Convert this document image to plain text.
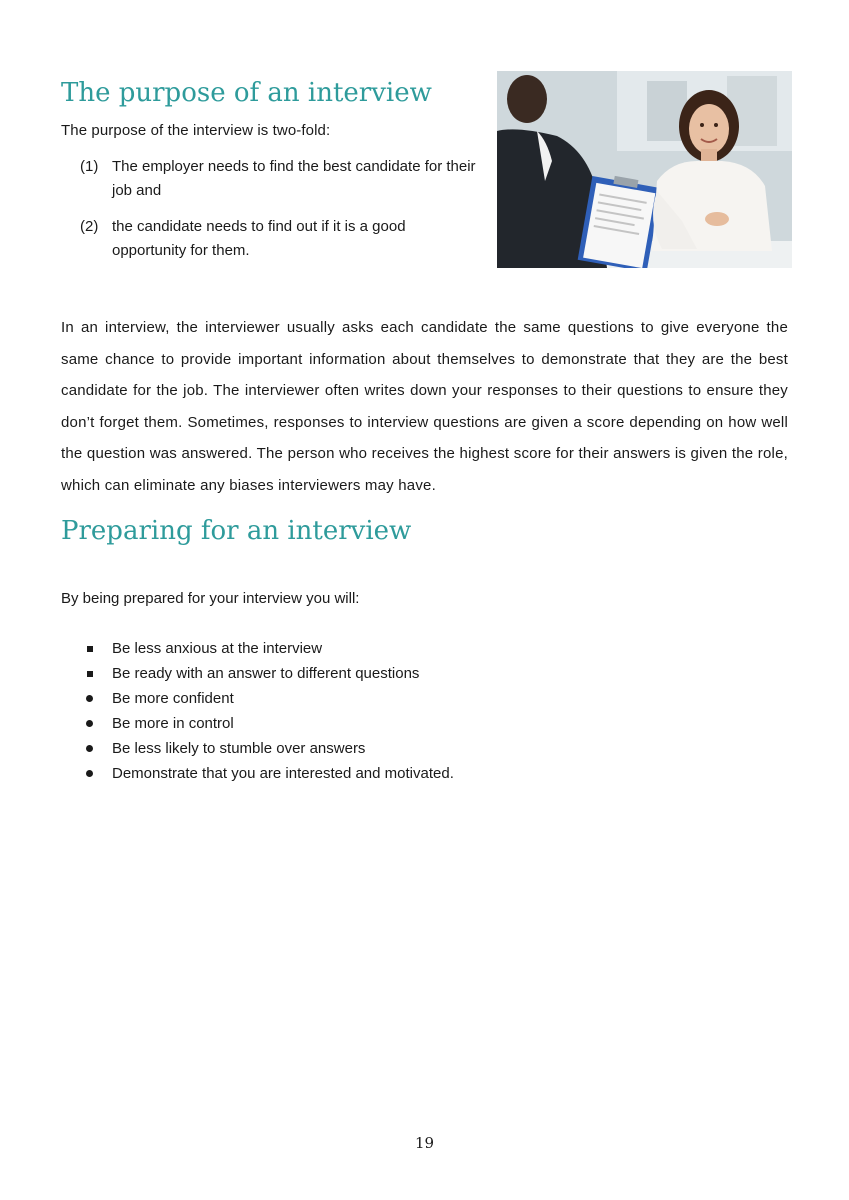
The purpose of an interview

The purpose of the interview is two-fold:

(1) The employer needs to find the best candidate for their job and
(2) the candidate needs to find out if it is a good opportunity for them.

In an interview, the interviewer usually asks each candidate the same questions to give everyone the same chance to provide important information about themselves to demonstrate that they are the best candidate for the job. The interviewer often writes down your responses to their questions to ensure they don’t forget them. Sometimes, responses to interview questions are given a score depending on how well the question was answered. The person who receives the highest score for their answers is given the role, which can eliminate any biases interviewers may have.

Preparing for an interview

By being prepared for your interview you will:

Be less anxious at the interview
Be ready with an answer to different questions
Be more confident
Be more in control
Be less likely to stumble over answers
Demonstrate that you are interested and motivated.

19
